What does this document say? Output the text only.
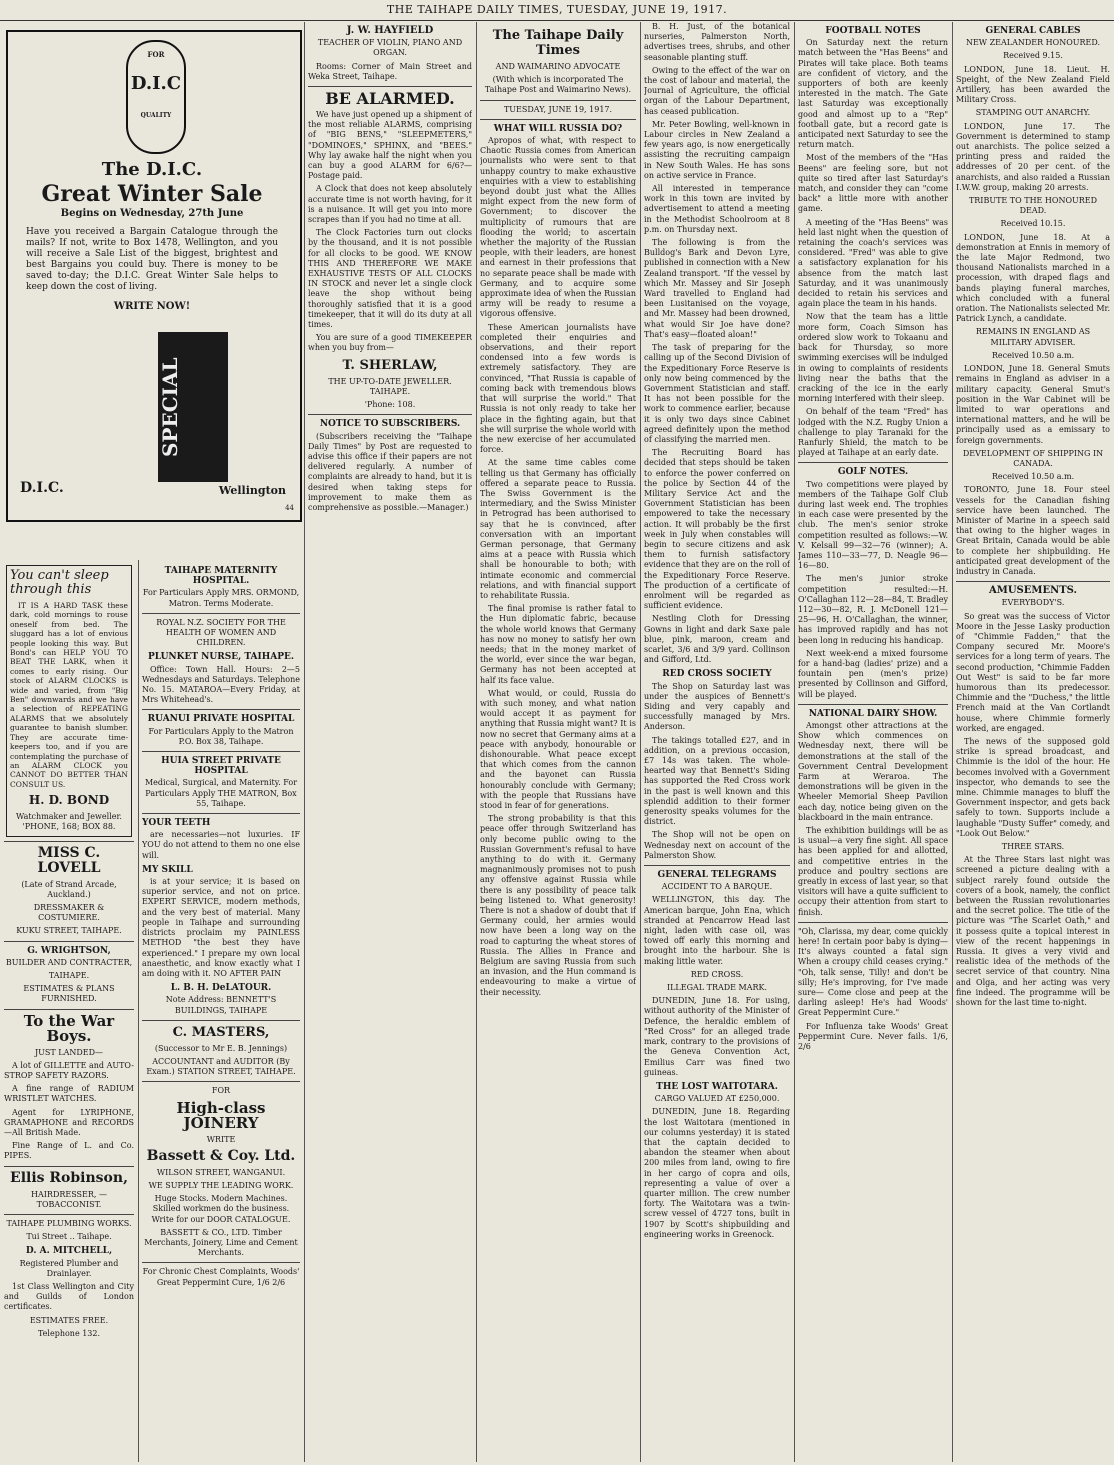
THE TAIHAPE DAILY TIMES, TUESDAY, JUNE 19, 1917.
FOR
D.I.C
QUALITY
The D.I.C.
Great Winter Sale
Begins on Wednesday, 27th June

Have you received a Bargain Catalogue through the mails? If not, write to Box 1478, Wellington, and you will receive a Sale List of the biggest, brightest and best Bargains you could buy. There is money to be saved to-day; the D.I.C. Great Winter Sale helps to keep down the cost of living.

WRITE NOW!
SPECIAL
D.I.C.	Wellington
44
You can't sleep through this

IT IS A HARD TASK these dark, cold mornings to rouse oneself from bed. The sluggard has a lot of envious people looking this way. But Bond's can HELP YOU TO BEAT THE LARK, when it comes to early rising. Our stock of ALARM CLOCKS is wide and varied, from "Big Ben" downwards and we have a selection of REPEATING ALARMS that we absolutely guarantee to banish slumber. They are accurate time-keepers too, and if you are contemplating the purchase of an ALARM CLOCK you CANNOT DO BETTER THAN CONSULT US.

H. D. BOND
Watchmaker and Jeweller.
'PHONE, 168; BOX 88.
MISS C. LOVELL
(Late of Strand Arcade, Auckland.)
DRESSMAKER & COSTUMIERE.
KUKU STREET, TAIHAPE.
G. WRIGHTSON,
BUILDER AND CONTRACTER,
TAIHAPE.
ESTIMATES & PLANS FURNISHED.
To the War Boys.
JUST LANDED—

A lot of GILLETTE and AUTO-STROP SAFETY RAZORS.

A fine range of RADIUM WRISTLET WATCHES.

Agent for LYRIPHONE, GRAMAPHONE and RECORDS—All British Made.

Fine Range of L. and Co. PIPES.

Ellis Robinson,
HAIRDRESSER, — TOBACCONIST.
TAIHAPE PLUMBING WORKS.
Tui Street .. Taihape.
D. A. MITCHELL,
Registered Plumber and Drainlayer.

1st Class Wellington and City and Guilds of London certificates.

ESTIMATES FREE.
Telephone 132.
J. W. HAYFIELD
TEACHER OF VIOLIN, PIANO AND ORGAN.

Rooms: Corner of Main Street and Weka Street, Taihape.

BE ALARMED.

We have just opened up a shipment of the most reliable ALARMS, comprising of "BIG BENS," "SLEEPMETERS," "DOMINOES," SPHINX, and "BEES." Why lay awake half the night when you can buy a good ALARM for 6/6?—Postage paid.

A Clock that does not keep absolutely accurate time is not worth having, for it is a nuisance. It will get you into more scrapes than if you had no time at all.

The Clock Factories turn out clocks by the thousand, and it is not possible for all clocks to be good. WE KNOW THIS AND THEREFORE WE MAKE EXHAUSTIVE TESTS OF ALL CLOCKS IN STOCK and never let a single clock leave the shop without being thoroughly satisfied that it is a good timekeeper, that it will do its duty at all times.

You are sure of a good TIMEKEEPER when you buy from—

T. SHERLAW,
THE UP-TO-DATE JEWELLER. TAIHAPE.
'Phone: 108.
NOTICE TO SUBSCRIBERS.

(Subscribers receiving the "Taihape Daily Times" by Post are requested to advise this office if their papers are not delivered regularly. A number of complaints are already to hand, but it is desired when taking steps for improvement to make them as comprehensive as possible.—Manager.)

TAIHAPE MATERNITY HOSPITAL.
For Particulars Apply MRS. ORMOND, Matron. Terms Moderate.
ROYAL N.Z. SOCIETY FOR THE HEALTH OF WOMEN AND CHILDREN.
PLUNKET NURSE, TAIHAPE.

Office: Town Hall. Hours: 2—5 Wednesdays and Saturdays. Telephone No. 15. MATAROA—Every Friday, at Mrs Whitehead's.

RUANUI PRIVATE HOSPITAL
For Particulars Apply to the Matron P.O. Box 38, Taihape.
HUIA STREET PRIVATE HOSPITAL
Medical, Surgical, and Maternity. For Particulars Apply THE MATRON, Box 55, Taihape.
YOUR TEETH

are necessaries—not luxuries. IF YOU do not attend to them no one else will.

MY SKILL

is at your service; it is based on superior service, and not on price. EXPERT SERVICE, modern methods, and the very best of material. Many people in Taihape and surrounding districts proclaim my PAINLESS METHOD "the best they have experienced." I prepare my own local anaesthetic, and know exactly what I am doing with it. NO AFTER PAIN

L. B. H. DeLATOUR.
Note Address: BENNETT'S BUILDINGS, TAIHAPE
C. MASTERS,
(Successor to Mr E. B. Jennings)
ACCOUNTANT and AUDITOR (By Exam.) STATION STREET, TAIHAPE.
FOR
High-class JOINERY
WRITE
Bassett & Coy. Ltd.
WILSON STREET, WANGANUI.
WE SUPPLY THE LEADING WORK.
Huge Stocks. Modern Machines. Skilled workmen do the business. Write for our DOOR CATALOGUE.
BASSETT & CO., LTD. Timber Merchants, Joinery, Lime and Cement Merchants.
For Chronic Chest Complaints, Woods' Great Peppermint Cure, 1/6 2/6
The Taihape Daily Times
AND WAIMARINO ADVOCATE
(With which is incorporated The Taihape Post and Waimarino News).
TUESDAY, JUNE 19, 1917.
WHAT WILL RUSSIA DO?

Apropos of what, with respect to Chaotic Russia comes from American journalists who were sent to that unhappy country to make exhaustive enquiries with a view to establishing beyond doubt just what the Allies might expect from the new form of Government; to discover the multiplicity of rumours that are flooding the world; to ascertain whether the majority of the Russian people, with their leaders, are honest and earnest in their professions that no separate peace shall be made with Germany, and to acquire some approximate idea of when the Russian army will be ready to resume a vigorous offensive.

These American journalists have completed their enquiries and observations, and their report condensed into a few words is extremely satisfactory. They are convinced, "That Russia is capable of coming back with tremendous blows that will surprise the world." That Russia is not only ready to take her place in the fighting again, but that she will surprise the whole world with the new exercise of her accumulated force.

At the same time cables come telling us that Germany has officially offered a separate peace to Russia. The Swiss Government is the intermediary, and the Swiss Minister in Petrograd has been authorised to say that he is convinced, after conversation with an important German personage, that Germany aims at a peace with Russia which shall be honourable to both; with intimate economic and commercial relations, and with financial support to rehabilitate Russia.

The final promise is rather fatal to the Hun diplomatic fabric, because the whole world knows that Germany has now no money to satisfy her own needs; that in the money market of the world, ever since the war began, Germany has not been accepted at half its face value.

What would, or could, Russia do with such money, and what nation would accept it as payment for anything that Russia might want? It is now no secret that Germany aims at a peace with anybody, honourable or dishonourable. What peace except that which comes from the cannon and the bayonet can Russia honourably conclude with Germany; with the people that Russians have stood in fear of for generations.

The strong probability is that this peace offer through Switzerland has only become public owing to the Russian Government's refusal to have anything to do with it. Germany magnanimously promises not to push any offensive against Russia while there is any possibility of peace talk being listened to. What generosity! There is not a shadow of doubt that if Germany could, her armies would now have been a long way on the road to capturing the wheat stores of Russia. The Allies in France and Belgium are saving Russia from such an invasion, and the Hun command is endeavouring to make a virtue of their necessity.

B. H. Just, of the botanical nurseries, Palmerston North, advertises trees, shrubs, and other seasonable planting stuff.

Owing to the effect of the war on the cost of labour and material, the Journal of Agriculture, the official organ of the Labour Department, has ceased publication.

Mr. Peter Bowling, well-known in Labour circles in New Zealand a few years ago, is now energetically assisting the recruiting campaign in New South Wales. He has sons on active service in France.

All interested in temperance work in this town are invited by advertisement to attend a meeting in the Methodist Schoolroom at 8 p.m. on Thursday next.

The following is from the Bulldog's Bark and Devon Lyre, published in connection with a New Zealand transport. "If the vessel by which Mr. Massey and Sir Joseph Ward travelled to England had been Lusitanised on the voyage, and Mr. Massey had been drowned, what would Sir Joe have done? That's easy—floated aloan!"

The task of preparing for the calling up of the Second Division of the Expeditionary Force Reserve is only now being commenced by the Government Statistician and staff. It has not been possible for the work to commence earlier, because it is only two days since Cabinet agreed definitely upon the method of classifying the married men.

The Recruiting Board has decided that steps should be taken to enforce the power conferred on the police by Section 44 of the Military Service Act and the Government Statistician has been empowered to take the necessary action. It will probably be the first week in July when constables will begin to secure citizens and ask them to furnish satisfactory evidence that they are on the roll of the Expeditionary Force Reserve. The production of a certificate of enrolment will be regarded as sufficient evidence.

Nestling Cloth for Dressing Gowns in light and dark Saxe pale blue, pink, maroon, cream and scarlet, 3/6 and 3/9 yard. Collinson and Gifford, Ltd.

RED CROSS SOCIETY

The Shop on Saturday last was under the auspices of Bennett's Siding and very capably and successfully managed by Mrs. Anderson.

The takings totalled £27, and in addition, on a previous occasion, £7 14s was taken. The whole-hearted way that Bennett's Siding has supported the Red Cross work in the past is well known and this splendid addition to their former generosity speaks volumes for the district.

The Shop will not be open on Wednesday next on account of the Palmerston Show.

GENERAL TELEGRAMS
ACCIDENT TO A BARQUE.

WELLINGTON, this day. The American barque, John Ena, which stranded at Pencarrow Head last night, laden with case oil, was towed off early this morning and brought into the harbour. She is making little water.

RED CROSS.
ILLEGAL TRADE MARK.

DUNEDIN, June 18. For using, without authority of the Minister of Defence, the heraldic emblem of "Red Cross" for an alleged trade mark, contrary to the provisions of the Geneva Convention Act, Emilius Carr was fined two guineas.

THE LOST WAITOTARA.
CARGO VALUED AT £250,000.

DUNEDIN, June 18. Regarding the lost Waitotara (mentioned in our columns yesterday) it is stated that the captain decided to abandon the steamer when about 200 miles from land, owing to fire in her cargo of copra and oils, representing a value of over a quarter million. The crew number forty. The Waitotara was a twin-screw vessel of 4727 tons, built in 1907 by Scott's shipbuilding and engineering works in Greenock.

FOOTBALL NOTES

On Saturday next the return match between the "Has Beens" and Pirates will take place. Both teams are confident of victory, and the supporters of both are keenly interested in the match. The Gate last Saturday was exceptionally good and almost up to a "Rep" football gate, but a record gate is anticipated next Saturday to see the return match.

Most of the members of the "Has Beens" are feeling sore, but not quite so tired after last Saturday's match, and consider they can "come back" a little more with another game.

A meeting of the "Has Beens" was held last night when the question of retaining the coach's services was considered. "Fred" was able to give a satisfactory explanation for his absence from the match last Saturday, and it was unanimously decided to retain his services and again place the team in his hands.

Now that the team has a little more form, Coach Simson has ordered slow work to Tokaanu and back for Thursday, so more swimming exercises will be indulged in owing to complaints of residents living near the baths that the cracking of the ice in the early morning interfered with their sleep.

On behalf of the team "Fred" has lodged with the N.Z. Rugby Union a challenge to play Taranaki for the Ranfurly Shield, the match to be played at Taihape at an early date.

GOLF NOTES.

Two competitions were played by members of the Taihape Golf Club during last week end. The trophies in each case were presented by the club. The men's senior stroke competition resulted as follows:—W. V. Kelsall 99—32—76 (winner); A. James 110—33—77, D. Neagle 96—16—80.

The men's junior stroke competition resulted:—H. O'Callaghan 112—28—84, T. Bradley 112—30—82, R. J. McDonell 121—25—96, H. O'Callaghan, the winner, has improved rapidly and has not been long in reducing his handicap.

Next week-end a mixed foursome for a hand-bag (ladies' prize) and a fountain pen (men's prize) presented by Collinson and Gifford, will be played.

NATIONAL DAIRY SHOW.

Amongst other attractions at the Show which commences on Wednesday next, there will be demonstrations at the stall of the Government Central Development Farm at Weraroa. The demonstrations will be given in the Wheeler Memorial Sheep Pavilion each day, notice being given on the blackboard in the main entrance.

The exhibition buildings will be as is usual—a very fine sight. All space has been applied for and allotted, and competitive entries in the produce and poultry sections are greatly in excess of last year, so that visitors will have a quite sufficient to occupy their attention from start to finish.

"Oh, Clarissa, my dear, come quickly here! In certain poor baby is dying— It's always counted a fatal sign When a croupy child ceases crying." "Oh, talk sense, Tilly! and don't be silly; He's improving, for I've made sure— Come close and peep at the darling asleep! He's had Woods' Great Peppermint Cure."

For Influenza take Woods' Great Peppermint Cure. Never fails. 1/6, 2/6

GENERAL CABLES
NEW ZEALANDER HONOURED.
Received 9.15.

LONDON, June 18. Lieut. H. Speight, of the New Zealand Field Artillery, has been awarded the Military Cross.

STAMPING OUT ANARCHY.

LONDON, June 17. The Government is determined to stamp out anarchists. The police seized a printing press and raided the addresses of 20 per cent. of the anarchists, and also raided a Russian I.W.W. group, making 20 arrests.

TRIBUTE TO THE HONOURED DEAD.
Received 10.15.

LONDON, June 18. At a demonstration at Ennis in memory of the late Major Redmond, two thousand Nationalists marched in a procession, with draped flags and bands playing funeral marches, which concluded with a funeral oration. The Nationalists selected Mr. Patrick Lynch, a candidate.

REMAINS IN ENGLAND AS MILITARY ADVISER.
Received 10.50 a.m.

LONDON, June 18. General Smuts remains in England as adviser in a military capacity. General Smut's position in the War Cabinet will be limited to war operations and international matters, and he will be principally used as a emissary to foreign governments.

DEVELOPMENT OF SHIPPING IN CANADA.
Received 10.50 a.m.

TORONTO, June 18. Four steel vessels for the Canadian fishing service have been launched. The Minister of Marine in a speech said that owing to the higher wages in Great Britain, Canada would be able to complete her shipbuilding. He anticipated great development of the industry in Canada.

AMUSEMENTS.
EVERYBODY'S.

So great was the success of Victor Moore in the Jesse Lasky production of "Chimmie Fadden," that the Company secured Mr. Moore's services for a long term of years. The second production, "Chimmie Fadden Out West" is said to be far more humorous than its predecessor. Chimmie and the "Duchess," the little French maid at the Van Cortlandt house, where Chimmie formerly worked, are engaged.

The news of the supposed gold strike is spread broadcast, and Chimmie is the idol of the hour. He becomes involved with a Government inspector, who demands to see the mine. Chimmie manages to bluff the Government inspector, and gets back safely to town. Supports include a laughable "Dusty Suffer" comedy, and "Look Out Below."

THREE STARS.

At the Three Stars last night was screened a picture dealing with a subject rarely found outside the covers of a book, namely, the conflict between the Russian revolutionaries and the secret police. The title of the picture was "The Scarlet Oath," and it possess quite a topical interest in view of the recent happenings in Russia. It gives a very vivid and realistic idea of the methods of the secret service of that country. Nina and Olga, and her acting was very fine indeed. The programme will be shown for the last time to-night.
